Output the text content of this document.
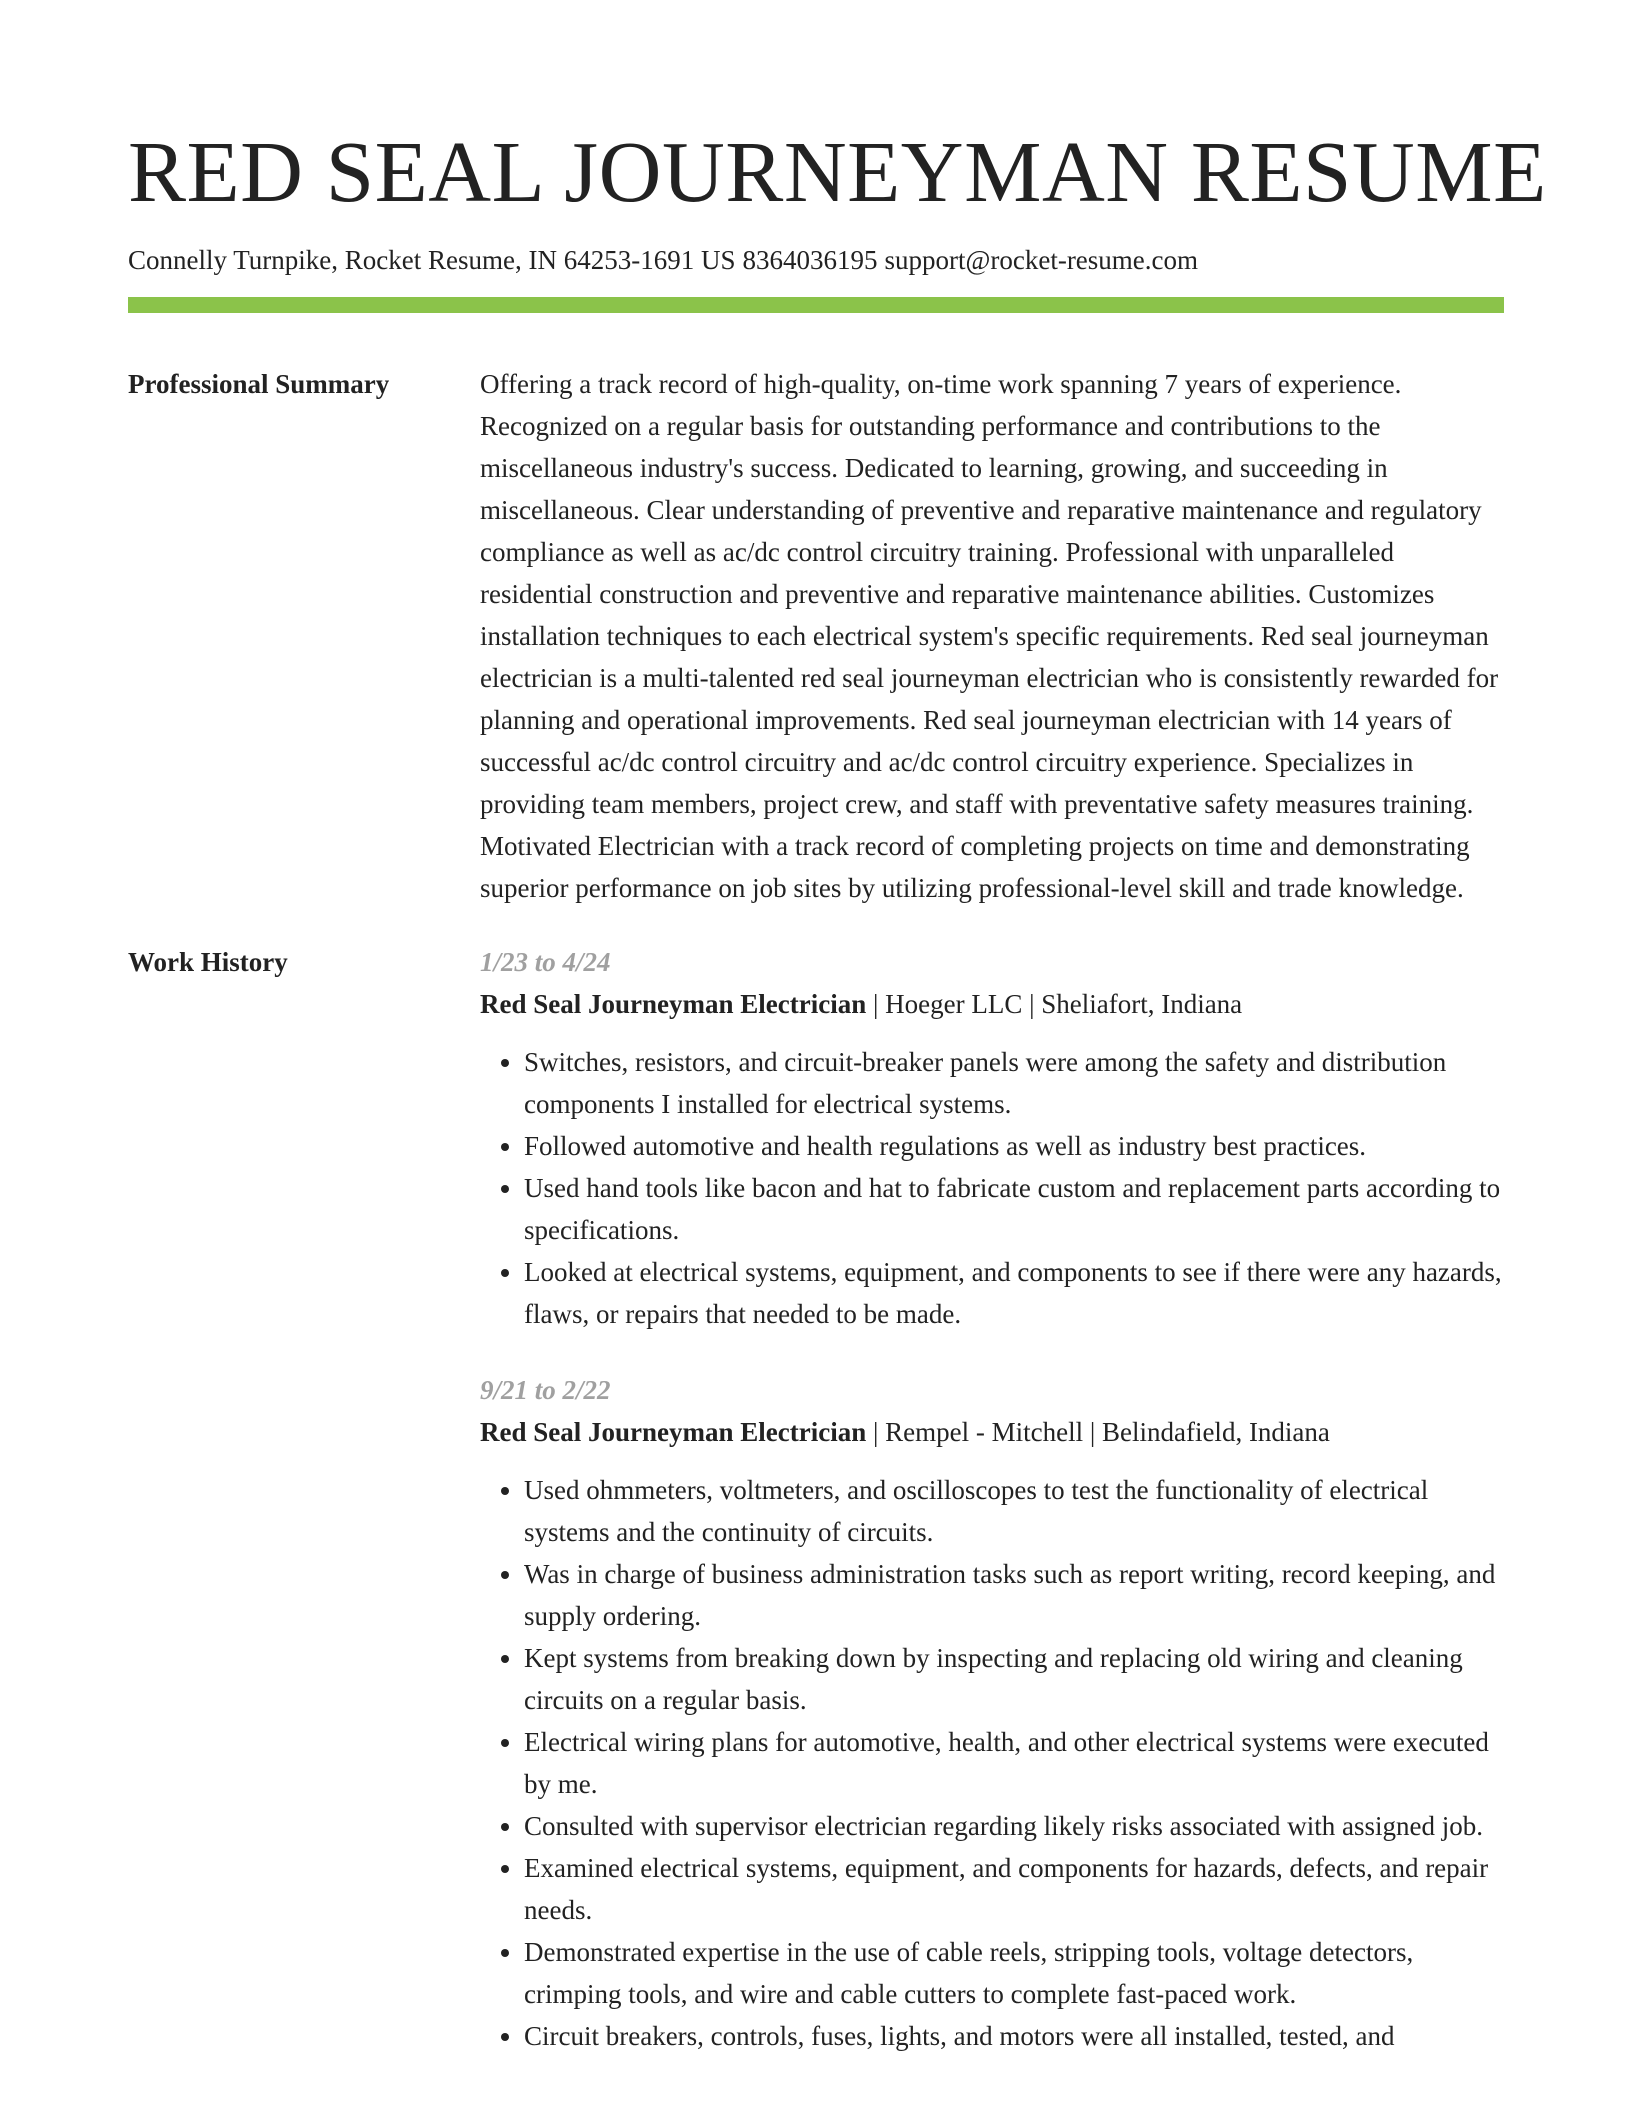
RED SEAL JOURNEYMAN RESUME
Connelly Turnpike, Rocket Resume, IN 64253-1691 US 8364036195 support@rocket-resume.com
Professional Summary	Offering a track record of high-quality, on-time work spanning 7 years of experience. Recognized on a regular basis for outstanding performance and contributions to the miscellaneous industry's success. Dedicated to learning, growing, and succeeding in miscellaneous. Clear understanding of preventive and reparative maintenance and regulatory compliance as well as ac/dc control circuitry training. Professional with unparalleled residential construction and preventive and reparative maintenance abilities. Customizes installation techniques to each electrical system's specific requirements. Red seal journeyman electrician is a multi-talented red seal journeyman electrician who is consistently rewarded for planning and operational improvements. Red seal journeyman electrician with 14 years of successful ac/dc control circuitry and ac/dc control circuitry experience. Specializes in providing team members, project crew, and staff with preventative safety measures training. Motivated Electrician with a track record of completing projects on time and demonstrating superior performance on job sites by utilizing professional-level skill and trade knowledge.

Work History	1/23 to 4/24
Red Seal Journeyman Electrician | Hoeger LLC | Sheliafort, Indiana
• Switches, resistors, and circuit-breaker panels were among the safety and distribution components I installed for electrical systems.
• Followed automotive and health regulations as well as industry best practices.
• Used hand tools like bacon and hat to fabricate custom and replacement parts according to specifications.
• Looked at electrical systems, equipment, and components to see if there were any hazards, flaws, or repairs that needed to be made.
9/21 to 2/22
Red Seal Journeyman Electrician | Rempel - Mitchell | Belindafield, Indiana
• Used ohmmeters, voltmeters, and oscilloscopes to test the functionality of electrical systems and the continuity of circuits.
• Was in charge of business administration tasks such as report writing, record keeping, and supply ordering.
• Kept systems from breaking down by inspecting and replacing old wiring and cleaning circuits on a regular basis.
• Electrical wiring plans for automotive, health, and other electrical systems were executed by me.
• Consulted with supervisor electrician regarding likely risks associated with assigned job.
• Examined electrical systems, equipment, and components for hazards, defects, and repair needs.
• Demonstrated expertise in the use of cable reels, stripping tools, voltage detectors, crimping tools, and wire and cable cutters to complete fast-paced work.
• Circuit breakers, controls, fuses, lights, and motors were all installed, tested, and
